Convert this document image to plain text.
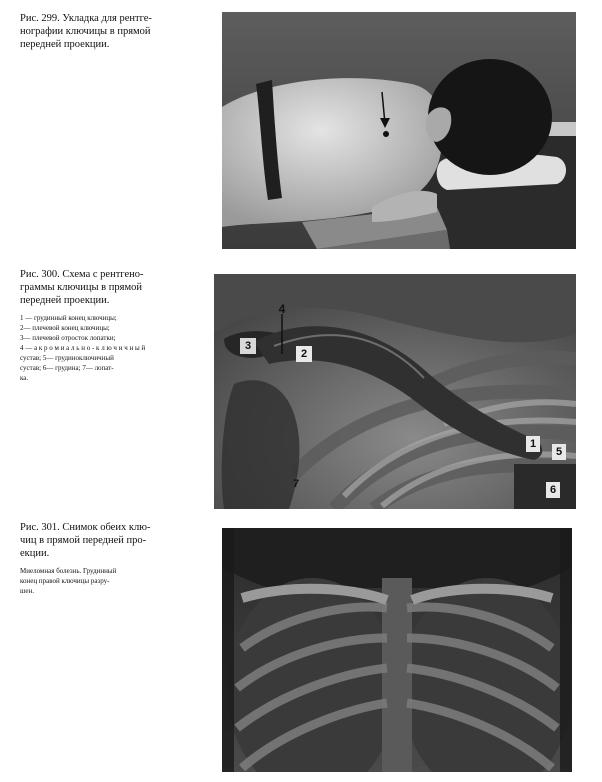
Рис. 299. Укладка для рентге-
нографии ключицы в прямой
передней проекции.
Рис. 300. Схема с рентгено-
граммы ключицы в прямой
передней проекции.
1 — грудинный конец ключицы;
2— плечевой конец ключицы;
3— плечевой отросток лопатки;
4 — а к р о м и а л ь н о - к л ю ч и ч н ы й
сустав; 5— грудиноключичный
сустав; 6— грудина; 7— лопат-
ка.
1
2
3
4
5
6
7
Рис. 301. Снимок обеих клю-
чиц в прямой передней про-
екции.
Миеломная болезнь. Грудинный
конец правой ключицы разру-
шен.
